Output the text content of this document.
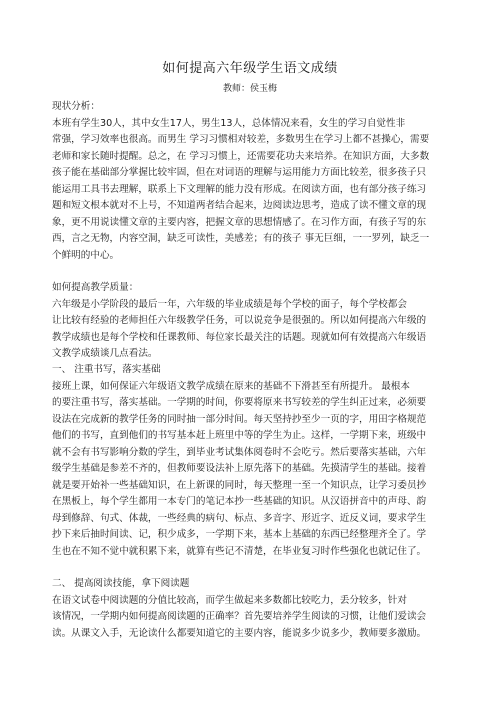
如何提高六年级学生语文成绩
教师：侯玉梅

现状分析：

本班有学生30人，其中女生17人，男生13人，总体情况来看，女生的学习自觉性非

常强，学习效率也很高。而男生 学习习惯相对较差，多数男生在学习上都不甚操心，需要

老师和家长随时提醒。总之，在 学习习惯上，还需要花功夫来培养。在知识方面，大多数

孩子能在基础部分掌握比较牢固，但在对词语的理解与运用能力方面比较差，很多孩子只

能运用工具书去理解，联系上下文理解的能力没有形成。在阅读方面，也有部分孩子练习

题和短文根本就对不上号，不知道两者结合起来，边阅读边思考，造成了读不懂文章的现

象，更不用说读懂文章的主要内容，把握文章的思想情感了。在习作方面，有孩子写的东

西，言之无物，内容空洞，缺乏可读性，美感差；有的孩子 事无巨细，一一罗列，缺乏一

个鲜明的中心。

如何提高教学质量：

六年级是小学阶段的最后一年，六年级的毕业成绩是每个学校的面子，每个学校都会

让比较有经验的老师担任六年级教学任务，可以说竞争是很强的。所以如何提高六年级的

教学成绩也是每个学校和任课教师、每位家长最关注的话题。现就如何有效提高六年级语

文教学成绩谈几点看法。

一、 注重书写，落实基础

接班上课，如何保证六年级语文教学成绩在原来的基础不下滑甚至有所提升。 最根本

的要注重书写，落实基础。一学期的时间，你要将原来书写较差的学生纠正过来，必须要

设法在完成新的教学任务的同时抽一部分时间。每天坚持抄至少一页的字，用田字格规范

他们的书写，直到他们的书写基本赶上班里中等的学生为止。这样，一学期下来，班级中

就不会有书写影响分数的学生，到毕业考试集体阅卷时不会吃亏。然后要落实基础，六年

级学生基础是参差不齐的，但教师要设法补上原先落下的基础。先摸清学生的基础。接着

就是要开始补一些基础知识，在上新课的同时，每天整理一至一个知识点，让学习委员抄

在黑板上，每个学生都用一本专门的笔记本抄一些基础的知识。从汉语拼音中的声母、韵

母到修辞、句式、体裁，一些经典的病句、标点、多音字、形近字、近反义词，要求学生

抄下来后抽时间读、记，积少成多，一学期下来，基本上基础的东西已经整理齐全了。学

生也在不知不觉中就积累下来，就算有些记不清楚，在毕业复习时作些强化也就记住了。

二、 提高阅读技能，拿下阅读题

在语文试卷中阅读题的分值比较高，而学生做起来多数都比较吃力，丢分较多，针对

该情况，一学期内如何提高阅读题的正确率？首先要培养学生阅读的习惯，让他们爱读会

读。从课文入手，无论读什么都要知道它的主要内容，能说多少说多少，教师要多激励。
